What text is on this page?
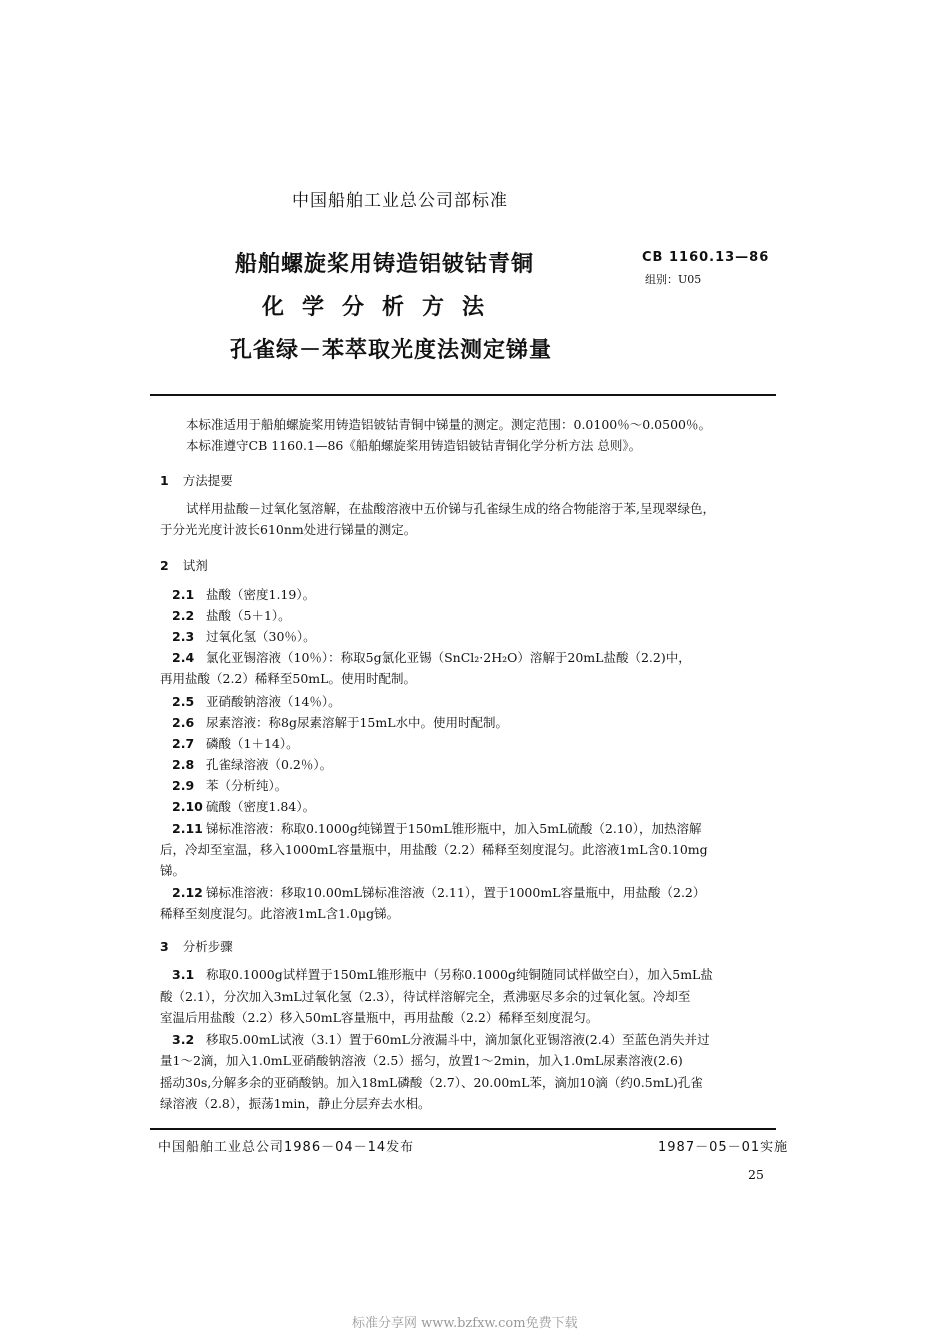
中国船舶工业总公司部标准
船舶螺旋桨用铸造铝铍钴青铜
化学分析方法
孔雀绿－苯萃取光度法测定锑量
CB 1160.13—86
组别：U05
本标准适用于船舶螺旋桨用铸造铝铍钴青铜中锑量的测定。测定范围：0.0100％～0.0500％。
本标准遵守CB 1160.1—86《船舶螺旋桨用铸造铝铍钴青铜化学分析方法 总则》。
1 方法提要
试样用盐酸－过氧化氢溶解，在盐酸溶液中五价锑与孔雀绿生成的络合物能溶于苯,呈现翠绿色，
于分光光度计波长610nm处进行锑量的测定。
2 试剂
2.1 盐酸（密度1.19）。
2.2 盐酸（5＋1）。
2.3 过氧化氢（30％）。
2.4 氯化亚锡溶液（10％）：称取5g氯化亚锡（SnCl₂·2H₂O）溶解于20mL盐酸（2.2)中，
再用盐酸（2.2）稀释至50mL。使用时配制。
2.5 亚硝酸钠溶液（14％）。
2.6 尿素溶液：称8g尿素溶解于15mL水中。使用时配制。
2.7 磷酸（1＋14）。
2.8 孔雀绿溶液（0.2％）。
2.9 苯（分析纯）。
2.10 硫酸（密度1.84）。
2.11 锑标准溶液：称取0.1000g纯锑置于150mL锥形瓶中，加入5mL硫酸（2.10），加热溶解
后，冷却至室温，移入1000mL容量瓶中，用盐酸（2.2）稀释至刻度混匀。此溶液1mL含0.10mg
锑。
2.12 锑标准溶液：移取10.00mL锑标准溶液（2.11），置于1000mL容量瓶中，用盐酸（2.2）
稀释至刻度混匀。此溶液1mL含1.0μg锑。
3 分析步骤
3.1 称取0.1000g试样置于150mL锥形瓶中（另称0.1000g纯铜随同试样做空白），加入5mL盐
酸（2.1），分次加入3mL过氧化氢（2.3），待试样溶解完全，煮沸驱尽多余的过氧化氢。冷却至
室温后用盐酸（2.2）移入50mL容量瓶中，再用盐酸（2.2）稀释至刻度混匀。
3.2 移取5.00mL试液（3.1）置于60mL分液漏斗中，滴加氯化亚锡溶液(2.4）至蓝色消失并过
量1～2滴，加入1.0mL亚硝酸钠溶液（2.5）摇匀，放置1～2min，加入1.0mL尿素溶液(2.6)
摇动30s,分解多余的亚硝酸钠。加入18mL磷酸（2.7）、20.00mL苯，滴加10滴（约0.5mL)孔雀
绿溶液（2.8），振荡1min，静止分层弃去水相。
中国船舶工业总公司1986－04－14发布	1987－05－01实施
25
标准分享网 www.bzfxw.com免费下载
